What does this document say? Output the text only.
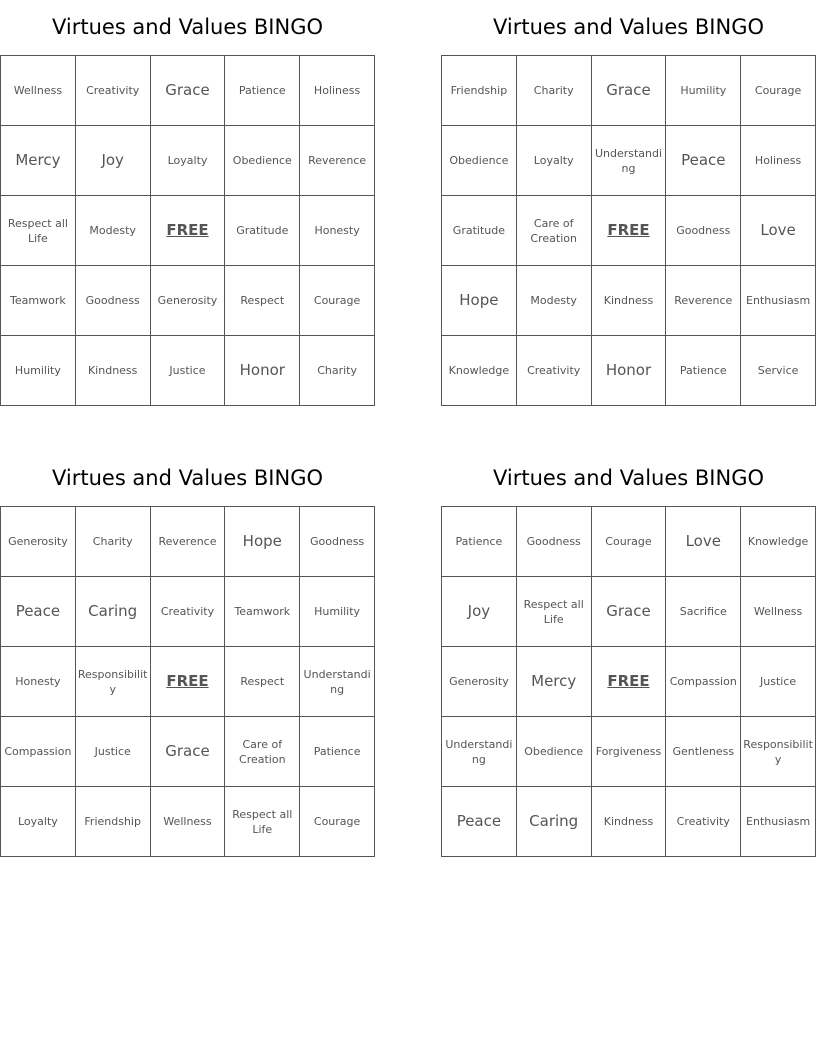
Virtues and Values BINGO
Wellness	Creativity	Grace	Patience	Holiness
Mercy	Joy	Loyalty	Obedience	Reverence
Respect all Life	Modesty	FREE	Gratitude	Honesty
Teamwork	Goodness	Generosity	Respect	Courage
Humility	Kindness	Justice	Honor	Charity
Virtues and Values BINGO
Friendship	Charity	Grace	Humility	Courage
Obedience	Loyalty	Understanding	Peace	Holiness
Gratitude	Care of Creation	FREE	Goodness	Love
Hope	Modesty	Kindness	Reverence	Enthusiasm
Knowledge	Creativity	Honor	Patience	Service
Virtues and Values BINGO
Generosity	Charity	Reverence	Hope	Goodness
Peace	Caring	Creativity	Teamwork	Humility
Honesty	Responsibility	FREE	Respect	Understanding
Compassion	Justice	Grace	Care of Creation	Patience
Loyalty	Friendship	Wellness	Respect all Life	Courage
Virtues and Values BINGO
Patience	Goodness	Courage	Love	Knowledge
Joy	Respect all Life	Grace	Sacrifice	Wellness
Generosity	Mercy	FREE	Compassion	Justice
Understanding	Obedience	Forgiveness	Gentleness	Responsibility
Peace	Caring	Kindness	Creativity	Enthusiasm
